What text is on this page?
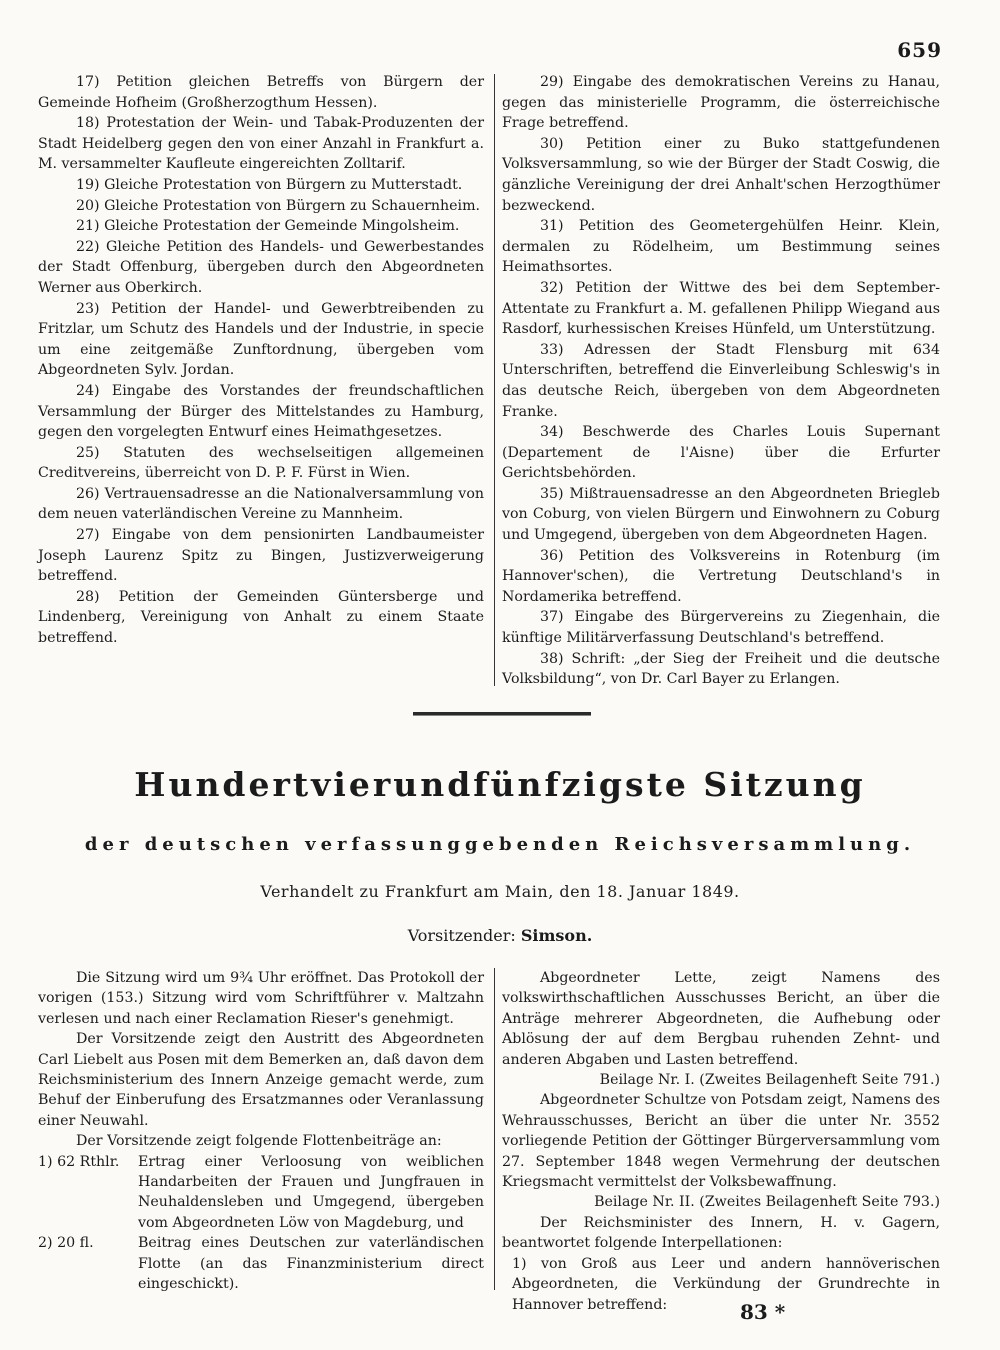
659

17) Petition gleichen Betreffs von Bürgern der Gemeinde Hofheim (Großherzogthum Hessen).

18) Protestation der Wein- und Tabak-Produzenten der Stadt Heidelberg gegen den von einer Anzahl in Frankfurt a. M. versammelter Kaufleute eingereichten Zolltarif.

19) Gleiche Protestation von Bürgern zu Mutterstadt.

20) Gleiche Protestation von Bürgern zu Schauernheim.

21) Gleiche Protestation der Gemeinde Mingolsheim.

22) Gleiche Petition des Handels- und Gewerbestandes der Stadt Offenburg, übergeben durch den Abgeordneten Werner aus Oberkirch.

23) Petition der Handel- und Gewerbtreibenden zu Fritzlar, um Schutz des Handels und der Industrie, in specie um eine zeitgemäße Zunftordnung, übergeben vom Abgeordneten Sylv. Jordan.

24) Eingabe des Vorstandes der freundschaftlichen Versammlung der Bürger des Mittelstandes zu Hamburg, gegen den vorgelegten Entwurf eines Heimathgesetzes.

25) Statuten des wechselseitigen allgemeinen Creditvereins, überreicht von D. P. F. Fürst in Wien.

26) Vertrauensadresse an die Nationalversammlung von dem neuen vaterländischen Vereine zu Mannheim.

27) Eingabe von dem pensionirten Landbaumeister Joseph Laurenz Spitz zu Bingen, Justizverweigerung betreffend.

28) Petition der Gemeinden Güntersberge und Lindenberg, Vereinigung von Anhalt zu einem Staate betreffend.

29) Eingabe des demokratischen Vereins zu Hanau, gegen das ministerielle Programm, die österreichische Frage betreffend.

30) Petition einer zu Buko stattgefundenen Volksversammlung, so wie der Bürger der Stadt Coswig, die gänzliche Vereinigung der drei Anhalt'schen Herzogthümer bezweckend.

31) Petition des Geometergehülfen Heinr. Klein, dermalen zu Rödelheim, um Bestimmung seines Heimathsortes.

32) Petition der Wittwe des bei dem September-Attentate zu Frankfurt a. M. gefallenen Philipp Wiegand aus Rasdorf, kurhessischen Kreises Hünfeld, um Unterstützung.

33) Adressen der Stadt Flensburg mit 634 Unterschriften, betreffend die Einverleibung Schleswig's in das deutsche Reich, übergeben von dem Abgeordneten Franke.

34) Beschwerde des Charles Louis Supernant (Departement de l'Aisne) über die Erfurter Gerichtsbehörden.

35) Mißtrauensadresse an den Abgeordneten Briegleb von Coburg, von vielen Bürgern und Einwohnern zu Coburg und Umgegend, übergeben von dem Abgeordneten Hagen.

36) Petition des Volksvereins in Rotenburg (im Hannover'schen), die Vertretung Deutschland's in Nordamerika betreffend.

37) Eingabe des Bürgervereins zu Ziegenhain, die künftige Militärverfassung Deutschland's betreffend.

38) Schrift: „der Sieg der Freiheit und die deutsche Volksbildung“, von Dr. Carl Bayer zu Erlangen.

Hundertvierundfünfzigste Sitzung
der deutschen verfassunggebenden Reichsversammlung.
Verhandelt zu Frankfurt am Main, den 18. Januar 1849.
Vorsitzender: Simson.

Die Sitzung wird um 9¾ Uhr eröffnet. Das Protokoll der vorigen (153.) Sitzung wird vom Schriftführer v. Maltzahn verlesen und nach einer Reclamation Rieser's genehmigt.

Der Vorsitzende zeigt den Austritt des Abgeordneten Carl Liebelt aus Posen mit dem Bemerken an, daß davon dem Reichsministerium des Innern Anzeige gemacht werde, zum Behuf der Einberufung des Ersatzmannes oder Veranlassung einer Neuwahl.

Der Vorsitzende zeigt folgende Flottenbeiträge an:

1) 62 Rthlr.	Ertrag einer Verloosung von weiblichen Handarbeiten der Frauen und Jungfrauen in Neuhaldensleben und Umgegend, übergeben vom Abgeordneten Löw von Magdeburg, und
2) 20 fl.	Beitrag eines Deutschen zur vaterländischen Flotte (an das Finanzministerium direct eingeschickt).

Abgeordneter Lette, zeigt Namens des volkswirthschaftlichen Ausschusses Bericht, an über die Anträge mehrerer Abgeordneten, die Aufhebung oder Ablösung der auf dem Bergbau ruhenden Zehnt- und anderen Abgaben und Lasten betreffend.

Beilage Nr. I. (Zweites Beilagenheft Seite 791.)

Abgeordneter Schultze von Potsdam zeigt, Namens des Wehrausschusses, Bericht an über die unter Nr. 3552 vorliegende Petition der Göttinger Bürgerversammlung vom 27. September 1848 wegen Vermehrung der deutschen Kriegsmacht vermittelst der Volksbewaffnung.

Beilage Nr. II. (Zweites Beilagenheft Seite 793.)

Der Reichsminister des Innern, H. v. Gagern, beantwortet folgende Interpellationen:

1) von Groß aus Leer und andern hannöverischen Abgeordneten, die Verkündung der Grundrechte in Hannover betreffend:	83 *
